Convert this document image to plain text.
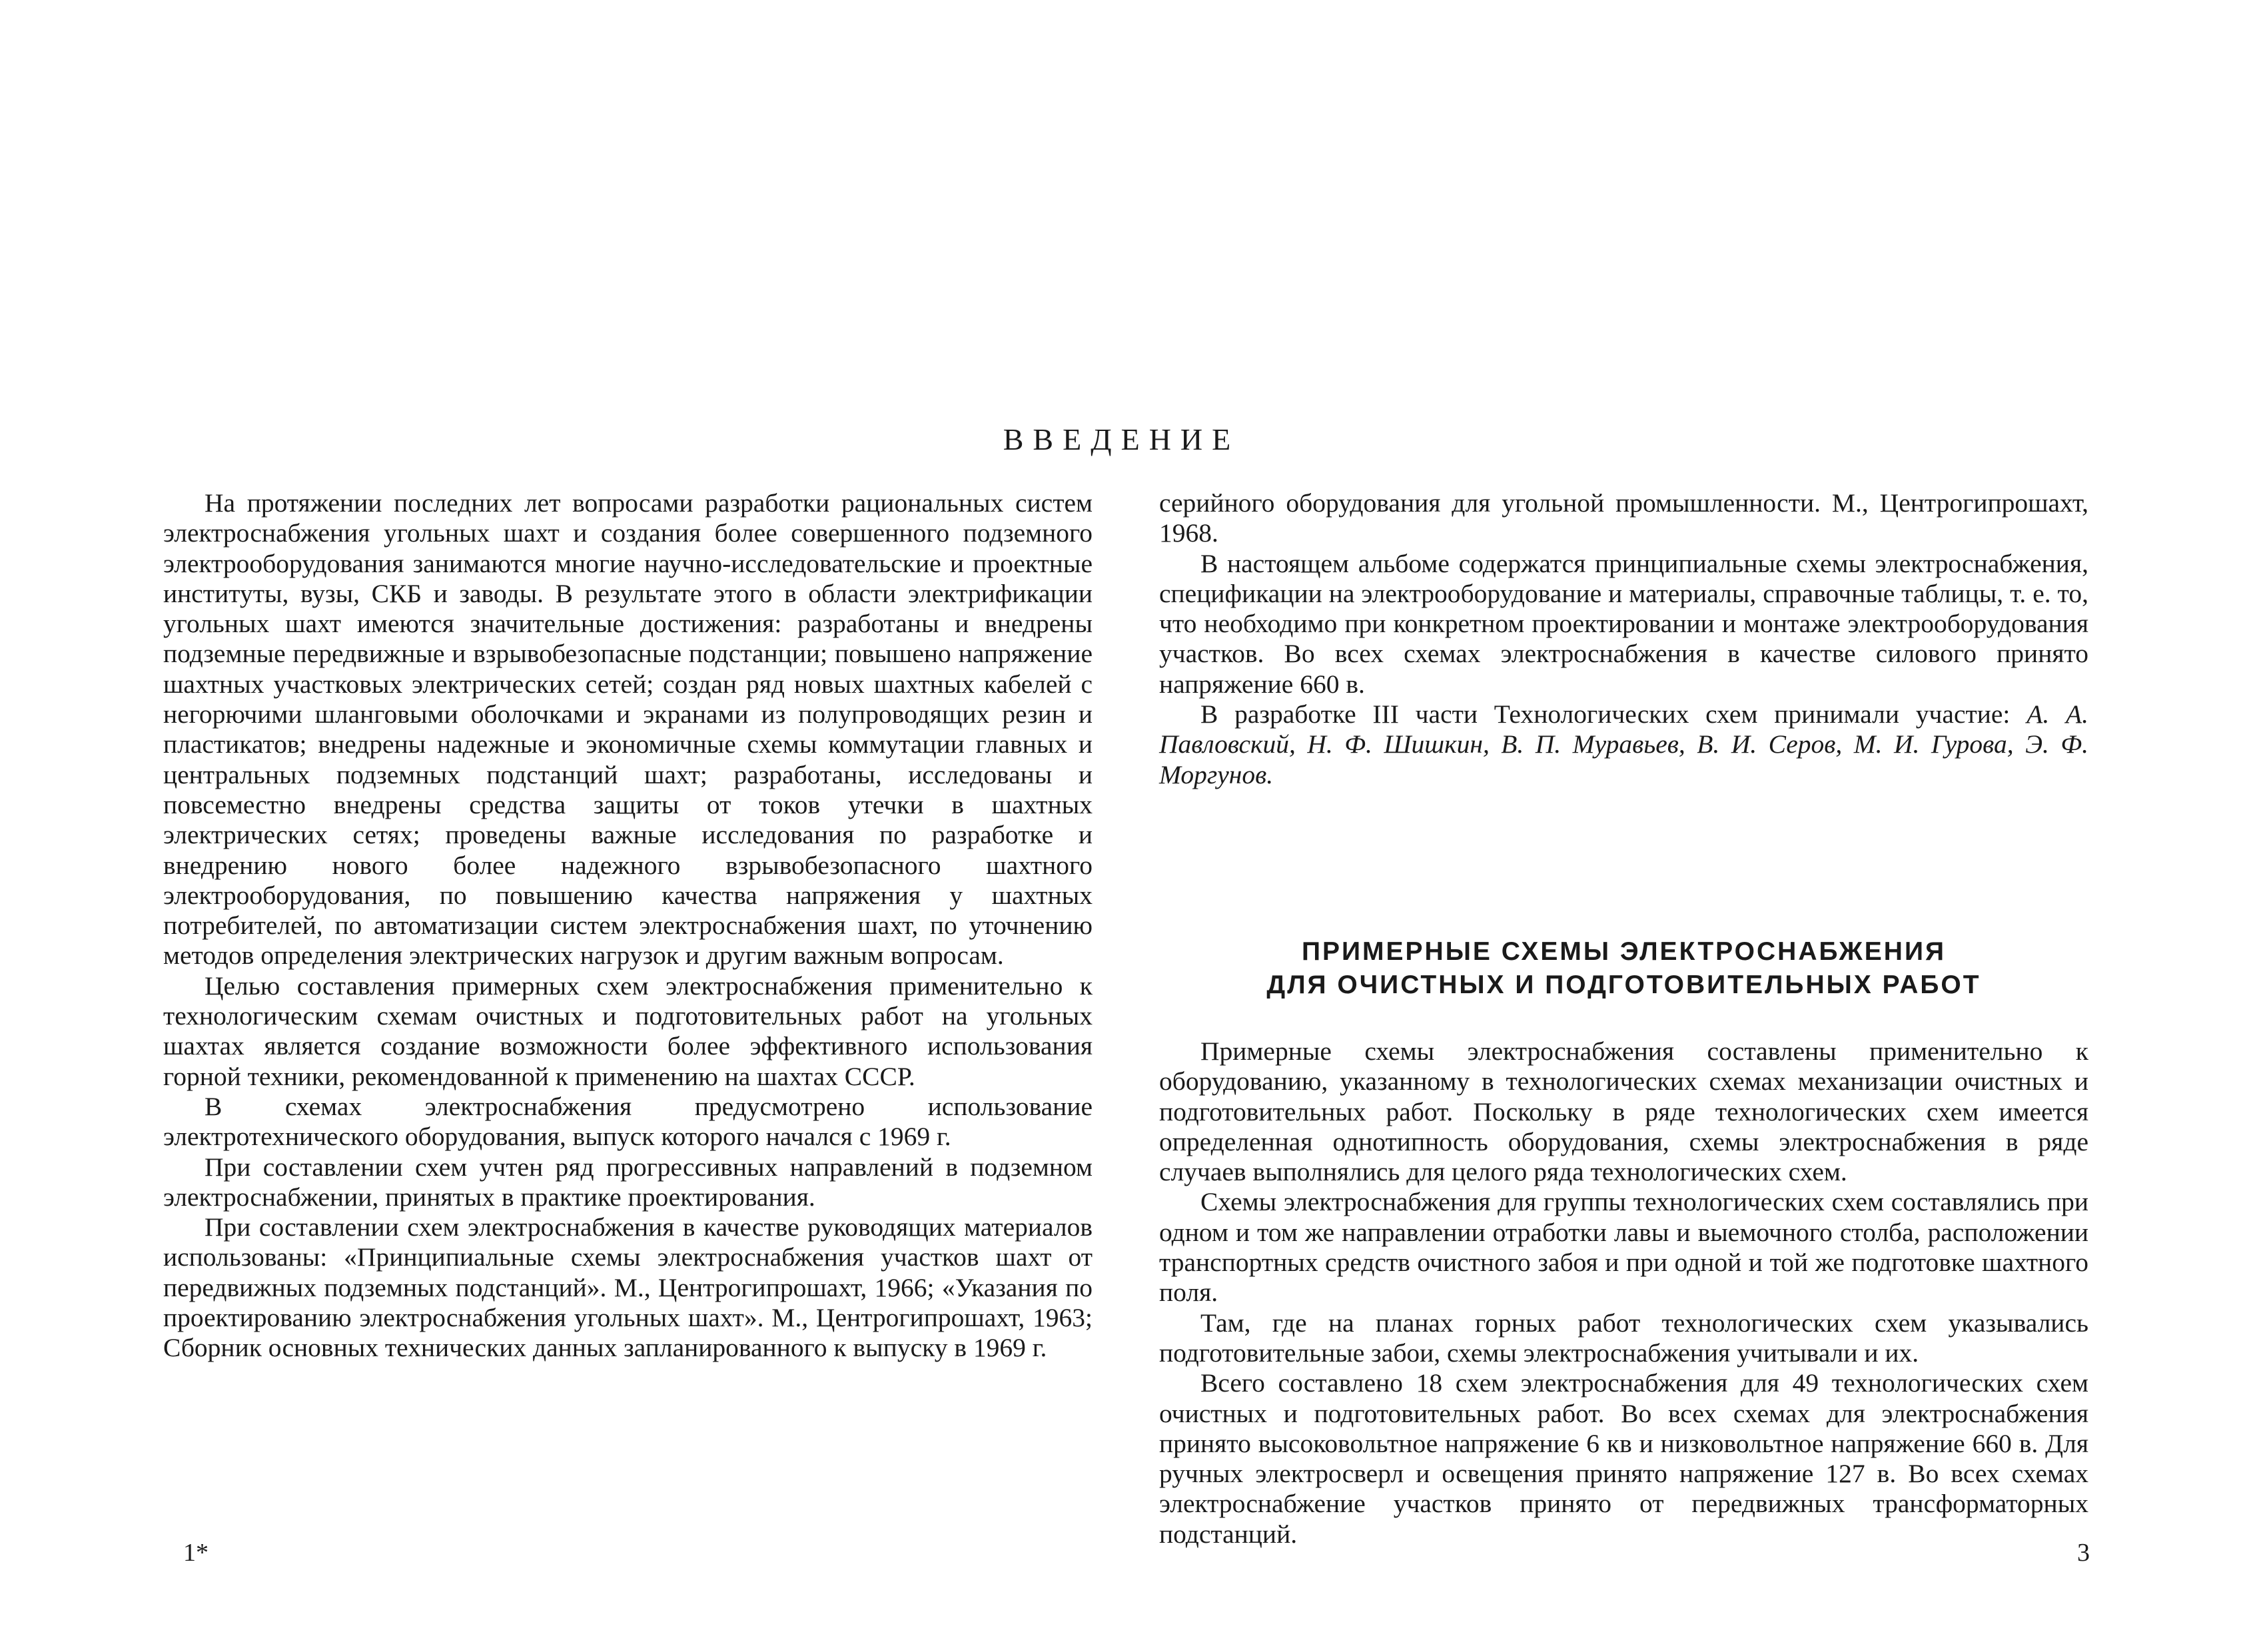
ВВЕДЕНИЕ

На протяжении последних лет вопросами разработки рациональных систем электроснабжения угольных шахт и создания более совершенного подземного электрооборудования занимаются многие научно-исследовательские и проектные институты, вузы, СКБ и заводы. В результате этого в области электрификации угольных шахт имеются значительные достижения: разработаны и внедрены подземные передвижные и взрывобезопасные подстанции; повышено напряжение шахтных участковых электрических сетей; создан ряд новых шахтных кабелей с негорючими шланговыми оболочками и экранами из полупроводящих резин и пластикатов; внедрены надежные и экономичные схемы коммутации главных и центральных подземных подстанций шахт; разработаны, исследованы и повсеместно внедрены средства защиты от токов утечки в шахтных электрических сетях; проведены важные исследования по разработке и внедрению нового более надежного взрывобезопасного шахтного электрооборудования, по повышению качества напряжения у шахтных потребителей, по автоматизации систем электроснабжения шахт, по уточнению методов определения электрических нагрузок и другим важным вопросам.

Целью составления примерных схем электроснабжения применительно к технологическим схемам очистных и подготовительных работ на угольных шахтах является создание возможности более эффективного использования горной техники, рекомендованной к применению на шахтах СССР.

В схемах электроснабжения предусмотрено использование электротехнического оборудования, выпуск которого начался с 1969 г.

При составлении схем учтен ряд прогрессивных направлений в подземном электроснабжении, принятых в практике проектирования.

При составлении схем электроснабжения в качестве руководящих материалов использованы: «Принципиальные схемы электроснабжения участков шахт от передвижных подземных подстанций». М., Центрогипрошахт, 1966; «Указания по проектированию электроснабжения угольных шахт». М., Центрогипрошахт, 1963; Сборник основных технических данных запланированного к выпуску в 1969 г.

серийного оборудования для угольной промышленности. М., Центрогипрошахт, 1968.

В настоящем альбоме содержатся принципиальные схемы электроснабжения, спецификации на электрооборудование и материалы, справочные таблицы, т. е. то, что необходимо при конкретном проектировании и монтаже электрооборудования участков. Во всех схемах электроснабжения в качестве силового принято напряжение 660 в.

В разработке III части Технологических схем принимали участие: А. А. Павловский, Н. Ф. Шишкин, В. П. Муравьев, В. И. Серов, М. И. Гурова, Э. Ф. Моргунов.

ПРИМЕРНЫЕ СХЕМЫ ЭЛЕКТРОСНАБЖЕНИЯ
ДЛЯ ОЧИСТНЫХ И ПОДГОТОВИТЕЛЬНЫХ РАБОТ

Примерные схемы электроснабжения составлены применительно к оборудованию, указанному в технологических схемах механизации очистных и подготовительных работ. Поскольку в ряде технологических схем имеется определенная однотипность оборудования, схемы электроснабжения в ряде случаев выполнялись для целого ряда технологических схем.

Схемы электроснабжения для группы технологических схем составлялись при одном и том же направлении отработки лавы и выемочного столба, расположении транспортных средств очистного забоя и при одной и той же подготовке шахтного поля.

Там, где на планах горных работ технологических схем указывались подготовительные забои, схемы электроснабжения учитывали и их.

Всего составлено 18 схем электроснабжения для 49 технологических схем очистных и подготовительных работ. Во всех схемах для электроснабжения принято высоковольтное напряжение 6 кв и низковольтное напряжение 660 в. Для ручных электросверл и освещения принято напряжение 127 в. Во всех схемах электроснабжение участков принято от передвижных трансформаторных подстанций.

1*	3
